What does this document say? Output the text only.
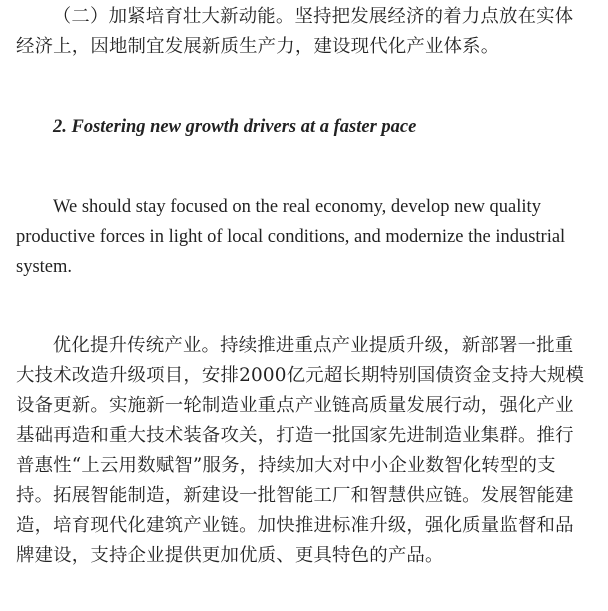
（二）加紧培育壮大新动能。坚持把发展经济的着力点放在实体经济上，因地制宜发展新质生产力，建设现代化产业体系。

2. Fostering new growth drivers at a faster pace

We should stay focused on the real economy, develop new quality productive forces in light of local conditions, and modernize the industrial system.

优化提升传统产业。持续推进重点产业提质升级，新部署一批重大技术改造升级项目，安排2000亿元超长期特别国债资金支持大规模设备更新。实施新一轮制造业重点产业链高质量发展行动，强化产业基础再造和重大技术装备攻关，打造一批国家先进制造业集群。推行普惠性“上云用数赋智”服务，持续加大对中小企业数智化转型的支持。拓展智能制造，新建设一批智能工厂和智慧供应链。发展智能建造，培育现代化建筑产业链。加快推进标准升级，强化质量监督和品牌建设，支持企业提供更加优质、更具特色的产品。
